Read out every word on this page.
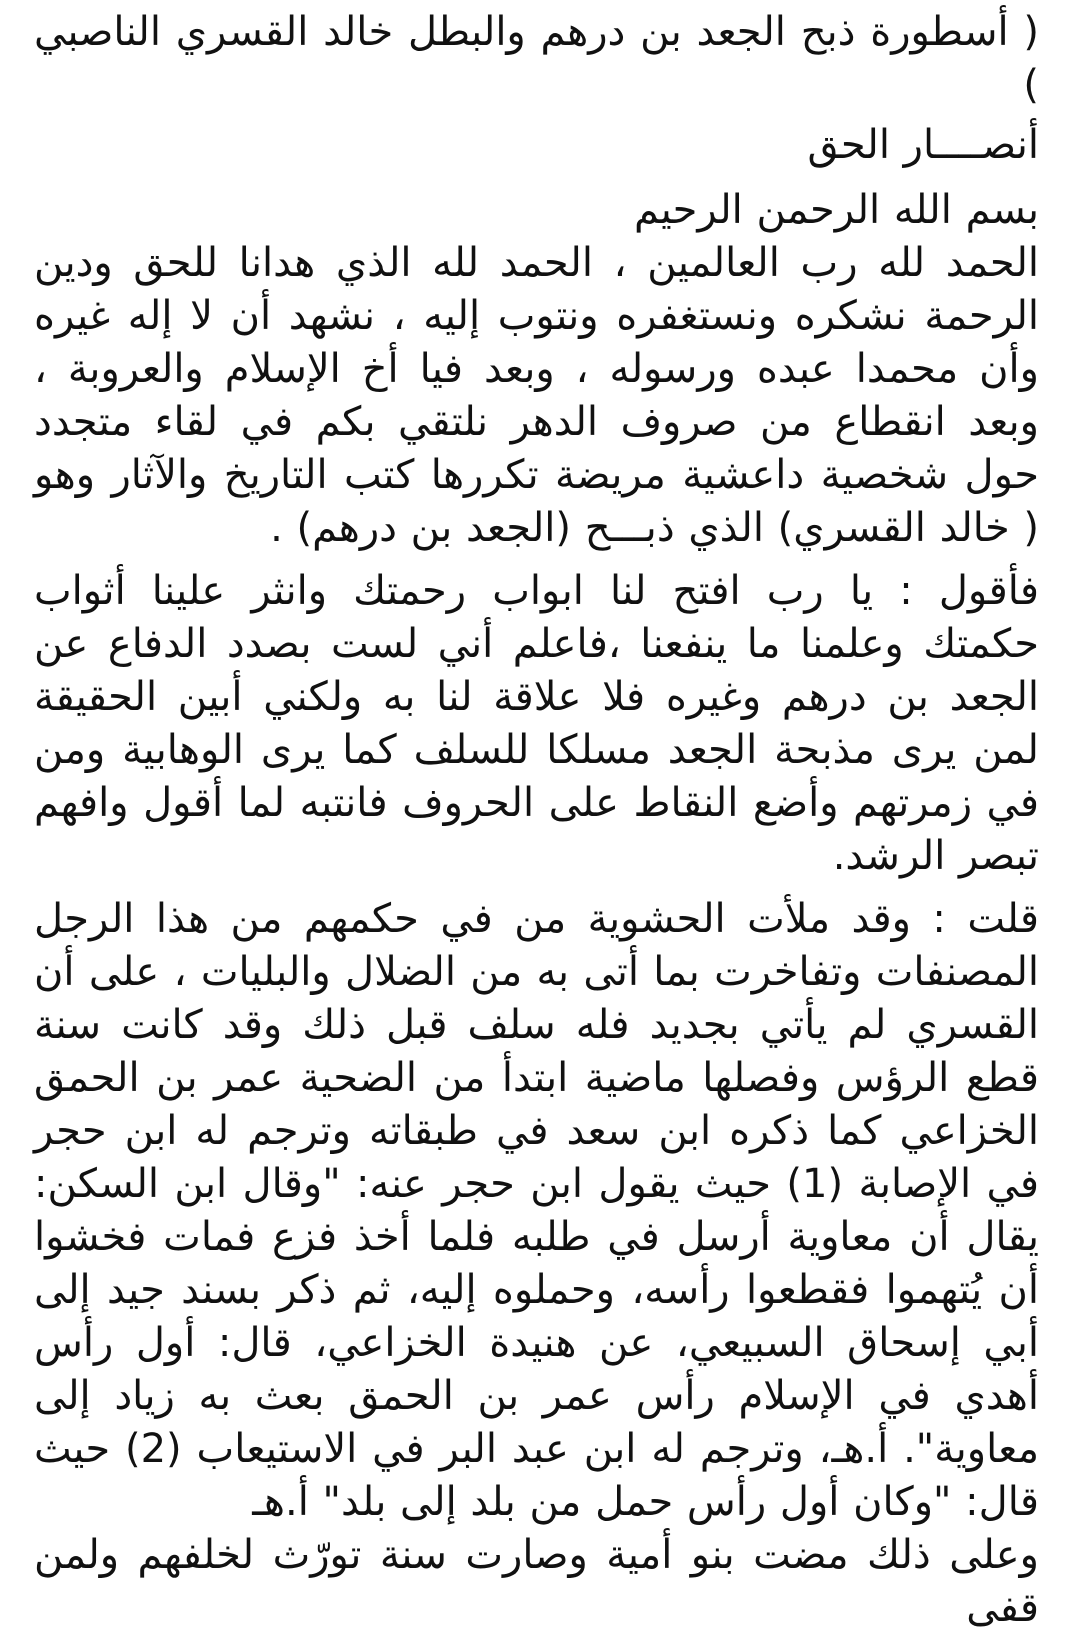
( أسطورة ذبح الجعد بن درهم والبطل خالد القسري الناصبي )

أنصــــار الحق

بسم الله الرحمن الرحيم

الحمد لله رب العالمين ، الحمد لله الذي هدانا للحق ودين الرحمة نشكره ونستغفره ونتوب إليه ، نشهد أن لا إله غيره وأن محمدا عبده ورسوله ، وبعد فيا أخ الإسلام والعروبة ، وبعد انقطاع من صروف الدهر نلتقي بكم في لقاء متجدد حول شخصية داعشية مريضة تكررها كتب التاريخ والآثار وهو ( خالد القسري) الذي ذبـــح (الجعد بن درهم) .

فأقول : يا رب افتح لنا ابواب رحمتك وانثر علينا أثواب حكمتك وعلمنا ما ينفعنا ،فاعلم أني لست بصدد الدفاع عن الجعد بن درهم وغيره فلا علاقة لنا به ولكني أبين الحقيقة لمن يرى مذبحة الجعد مسلكا للسلف كما يرى الوهابية ومن في زمرتهم وأضع النقاط على الحروف فانتبه لما أقول وافهم تبصر الرشد.

قلت : وقد ملأت الحشوية من في حكمهم من هذا الرجل المصنفات وتفاخرت بما أتى به من الضلال والبليات ، على أن القسري لم يأتي بجديد فله سلف قبل ذلك وقد كانت سنة قطع الرؤس وفصلها ماضية ابتدأ من الضحية عمر بن الحمق الخزاعي كما ذكره ابن سعد في طبقاته وترجم له ابن حجر في الإصابة (1) حيث يقول ابن حجر عنه: "وقال ابن السكن: يقال أن معاوية أرسل في طلبه فلما أخذ فزع فمات فخشوا أن يُتهموا فقطعوا رأسه، وحملوه إليه، ثم ذكر بسند جيد إلى أبي إسحاق السبيعي، عن هنيدة الخزاعي، قال: أول رأس أهدي في الإسلام رأس عمر بن الحمق بعث به زياد إلى معاوية". أ.هـ، وترجم له ابن عبد البر في الاستيعاب (2) حيث قال: "وكان أول رأس حمل من بلد إلى بلد" أ.هـ

وعلى ذلك مضت بنو أمية وصارت سنة تورّث لخلفهم ولمن قفى
